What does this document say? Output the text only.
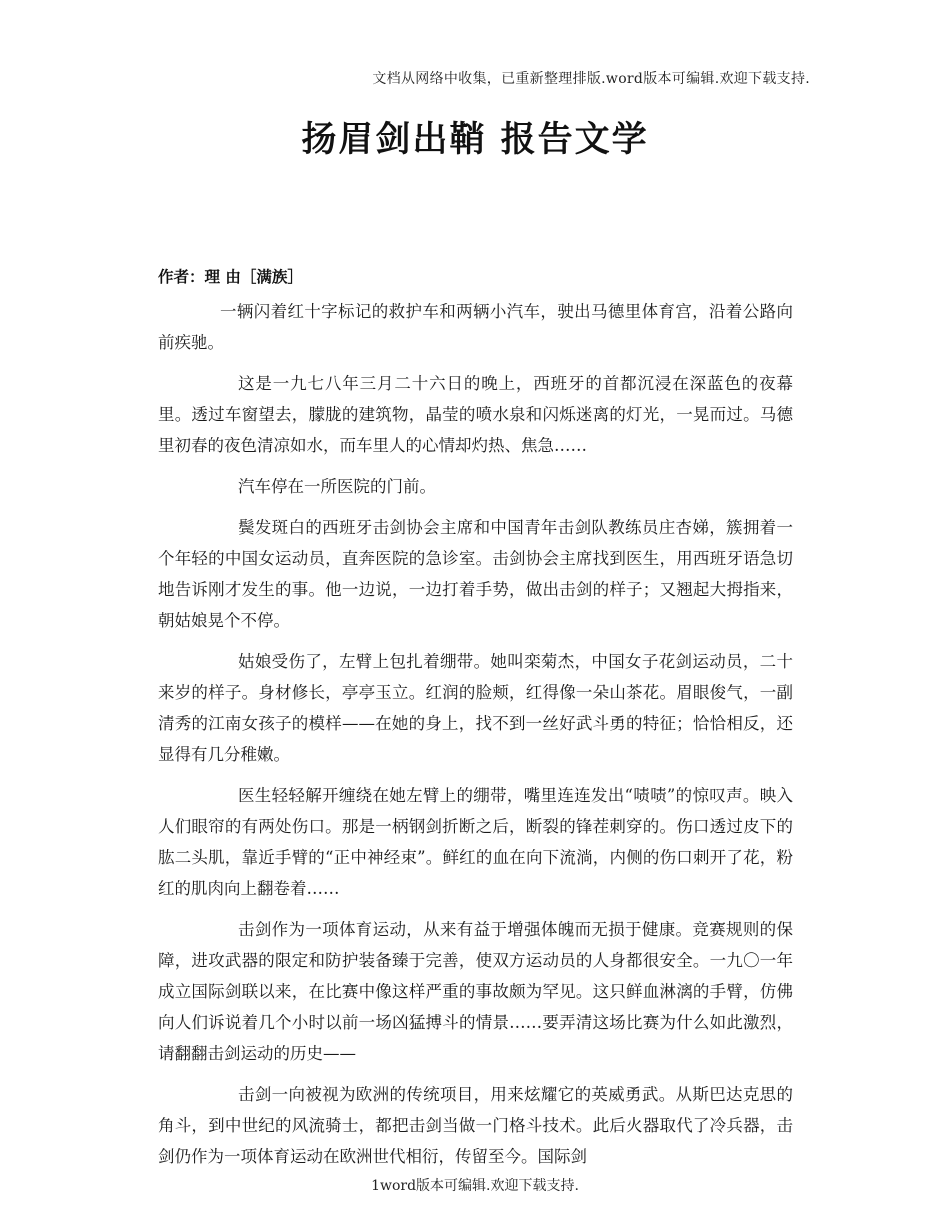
文档从网络中收集，已重新整理排版.word版本可编辑.欢迎下载支持.
扬眉剑出鞘 报告文学
作者：理 由［满族］

一辆闪着红十字标记的救护车和两辆小汽车，驶出马德里体育宫，沿着公路向前疾驰。

这是一九七八年三月二十六日的晚上，西班牙的首都沉浸在深蓝色的夜幕里。透过车窗望去，朦胧的建筑物，晶莹的喷水泉和闪烁迷离的灯光，一晃而过。马德里初春的夜色清凉如水，而车里人的心情却灼热、焦急……

汽车停在一所医院的门前。

鬓发斑白的西班牙击剑协会主席和中国青年击剑队教练员庄杏娣，簇拥着一个年轻的中国女运动员，直奔医院的急诊室。击剑协会主席找到医生，用西班牙语急切地告诉刚才发生的事。他一边说，一边打着手势，做出击剑的样子；又翘起大拇指来，朝姑娘晃个不停。

姑娘受伤了，左臂上包扎着绷带。她叫栾菊杰，中国女子花剑运动员，二十来岁的样子。身材修长，亭亭玉立。红润的脸颊，红得像一朵山茶花。眉眼俊气，一副清秀的江南女孩子的模样——在她的身上，找不到一丝好武斗勇的特征；恰恰相反，还显得有几分稚嫩。

医生轻轻解开缠绕在她左臂上的绷带，嘴里连连发出“啧啧”的惊叹声。映入人们眼帘的有两处伤口。那是一柄钢剑折断之后，断裂的锋茬刺穿的。伤口透过皮下的肱二头肌，靠近手臂的“正中神经束”。鲜红的血在向下流淌，内侧的伤口刺开了花，粉红的肌肉向上翻卷着……

击剑作为一项体育运动，从来有益于增强体魄而无损于健康。竞赛规则的保障，进攻武器的限定和防护装备臻于完善，使双方运动员的人身都很安全。一九〇一年成立国际剑联以来，在比赛中像这样严重的事故颇为罕见。这只鲜血淋漓的手臂，仿佛向人们诉说着几个小时以前一场凶猛搏斗的情景……要弄清这场比赛为什么如此激烈，请翻翻击剑运动的历史——

击剑一向被视为欧洲的传统项目，用来炫耀它的英威勇武。从斯巴达克思的角斗，到中世纪的风流骑士，都把击剑当做一门格斗技术。此后火器取代了冷兵器，击剑仍作为一项体育运动在欧洲世代相衍，传留至今。国际剑

1word版本可编辑.欢迎下载支持.
